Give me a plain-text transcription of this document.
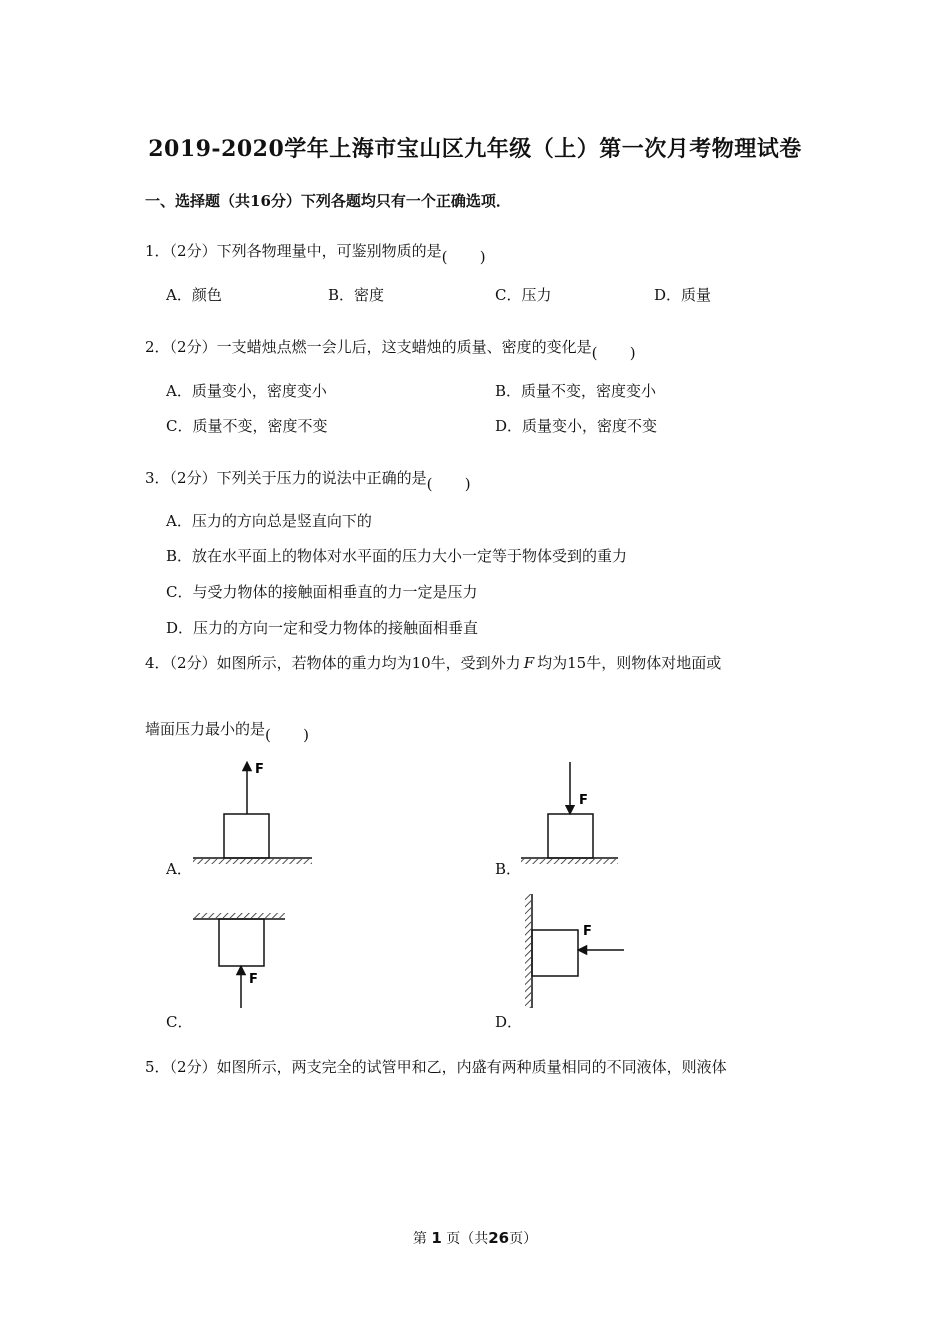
2019-2020学年上海市宝山区九年级（上）第一次月考物理试卷
一、选择题（共16分）下列各题均只有一个正确选项．
1．（2分）下列各物理量中，可鉴别物质的是 ( )
A．颜色	B．密度	C．压力	D．质量
2．（2分）一支蜡烛点燃一会儿后，这支蜡烛的质量、密度的变化是 ( )
A．质量变小，密度变小	B．质量不变，密度变小
C．质量不变，密度不变	D．质量变小，密度不变
3．（2分）下列关于压力的说法中正确的是 ( )
A．压力的方向总是竖直向下的
B．放在水平面上的物体对水平面的压力大小一定等于物体受到的重力
C．与受力物体的接触面相垂直的力一定是压力
D．压力的方向一定和受力物体的接触面相垂直
4．（2分）如图所示，若物体的重力均为10牛，受到外力 F 均为15牛，则物体对地面或
墙面压力最小的是 ( )
F
A．
F
B．
F
C．
F
D．
5．（2分）如图所示，两支完全的试管甲和乙，内盛有两种质量相同的不同液体，则液体
第 1 页（共26页）
